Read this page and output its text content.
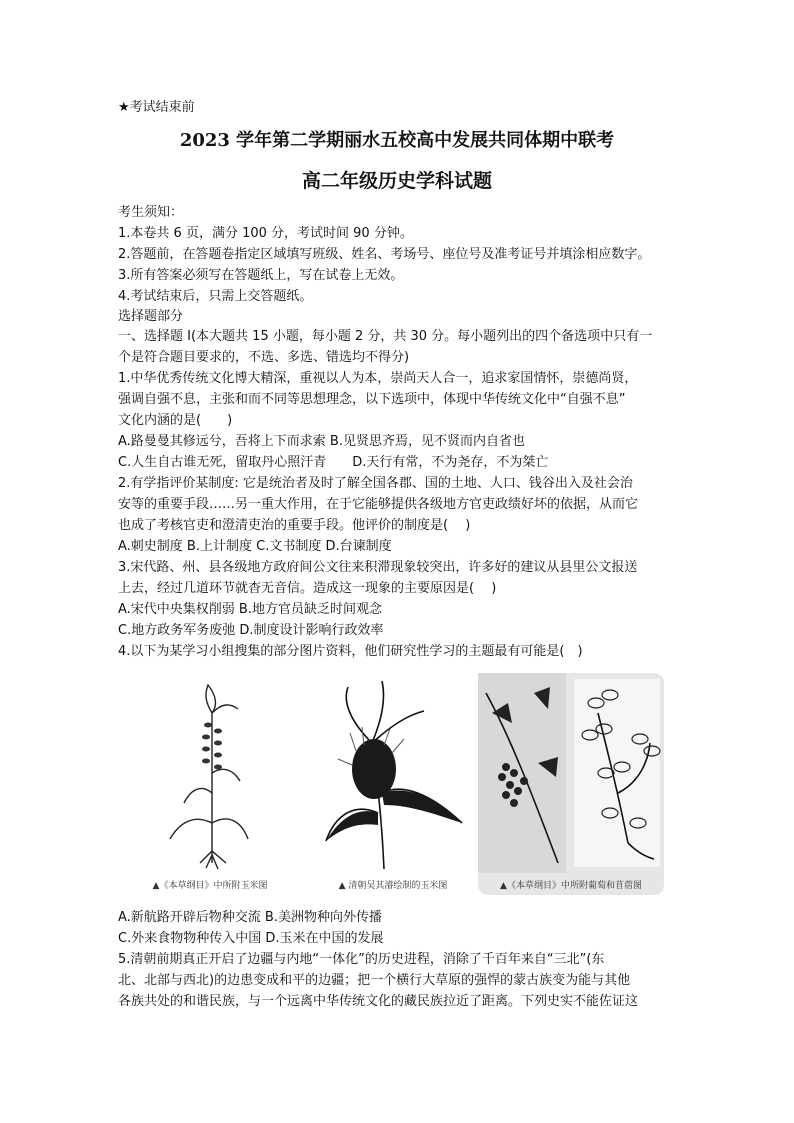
★考试结束前
2023 学年第二学期丽水五校高中发展共同体期中联考
高二年级历史学科试题
考生须知：
1.本卷共 6 页，满分 100 分，考试时间 90 分钟。
2.答题前，在答题卷指定区域填写班级、姓名、考场号、座位号及准考证号并填涂相应数字。
3.所有答案必须写在答题纸上，写在试卷上无效。
4.考试结束后，只需上交答题纸。
选择题部分
一、选择题 I(本大题共 15 小题，每小题 2 分，共 30 分。每小题列出的四个备选项中只有一
个是符合题目要求的，不选、多选、错选均不得分)
1.中华优秀传统文化博大精深，重视以人为本，崇尚天人合一，追求家国情怀，崇德尚贤，
强调自强不息，主张和而不同等思想理念，以下选项中，体现中华传统文化中“自强不息”
文化内涵的是(　　)
A.路曼曼其修远兮，吾将上下而求索 B.见贤思齐焉，见不贤而内自省也
C.人生自古谁无死，留取丹心照汗青　　D.天行有常，不为尧存，不为桀亡
2.有学指评价某制度: 它是统治者及时了解全国各郡、国的土地、人口、钱谷出入及社会治
安等的重要手段……另一重大作用，在于它能够提供各级地方官吏政绩好坏的依据，从而它
也成了考核官吏和澄清吏治的重要手段。他评价的制度是(　 )
A.刺史制度 B.上计制度 C.文书制度 D.台谏制度
3.宋代路、州、县各级地方政府间公文往来积滞现象较突出，许多好的建议从县里公文报送
上去，经过几道环节就杳无音信。造成这一现象的主要原因是(　 )
A.宋代中央集权削弱 B.地方官员缺乏时间观念
C.地方政务军务废弛 D.制度设计影响行政效率
4.以下为某学习小组搜集的部分图片资料，他们研究性学习的主题最有可能是(　)
▲《本草纲目》中所附玉米图	▲ 清朝吴其濬绘制的玉米图	▲《本草纲目》中所附葡萄和苜蓿图
A.新航路开辟后物种交流 B.美洲物种向外传播
C.外来食物物种传入中国 D.玉米在中国的发展
5.清朝前期真正开启了边疆与内地“一体化”的历史进程，消除了千百年来自“三北”(东
北、北部与西北)的边患变成和平的边疆；把一个横行大草原的强悍的蒙古族变为能与其他
各族共处的和谐民族，与一个远离中华传统文化的藏民族拉近了距离。下列史实不能佐证这
